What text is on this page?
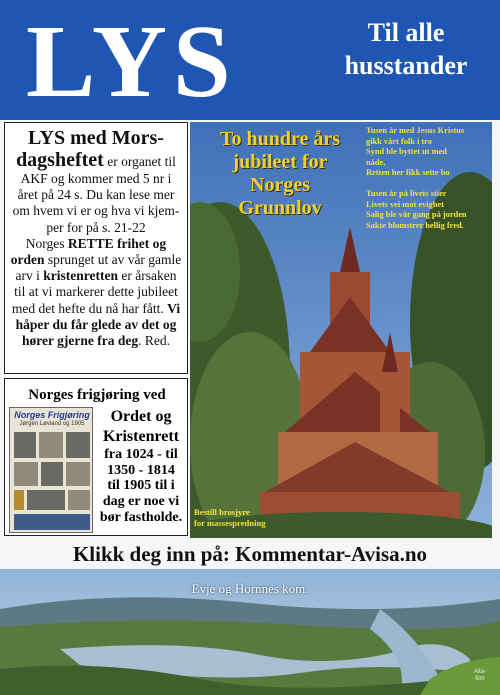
LYS	Til alle
husstander
LYS med Mors-
dagsheftet er organet til AKF og kommer med 5 nr i året på 24 s. Du kan lese mer om hvem vi er og hva vi kjem-per for på s. 21-22
Norges RETTE frihet og orden sprunget ut av vår gamle arv i kristenretten er årsaken til at vi markerer dette jubileet med det hefte du nå har fått. Vi håper du får glede av det og hører gjerne fra deg. Red.
Norges frigjøring ved
Norges Frigjøring
Jørgen Løvland og 1905	Ordet og
Kristenrett
fra 1024 - til
1350 - 1814
til 1905 til i
dag er noe vi
bør fastholde.
To hundre års
jubileet for
Norges
Grunnlov
Tusen år med Jesus Kristus
gikk vårt folk i tro
Synd ble byttet ut med
nåde,
Retten her fikk sette bo
Tusen år på livets stier
Livets vei mot evighet
Salig ble vår gang på jorden
Sakte blomstrer hellig fred.
Bestill brosjyre
for massespredning
Klikk deg inn på: Kommentar-Avisa.no
Evje og Hornnes kom.
Alta-
film
